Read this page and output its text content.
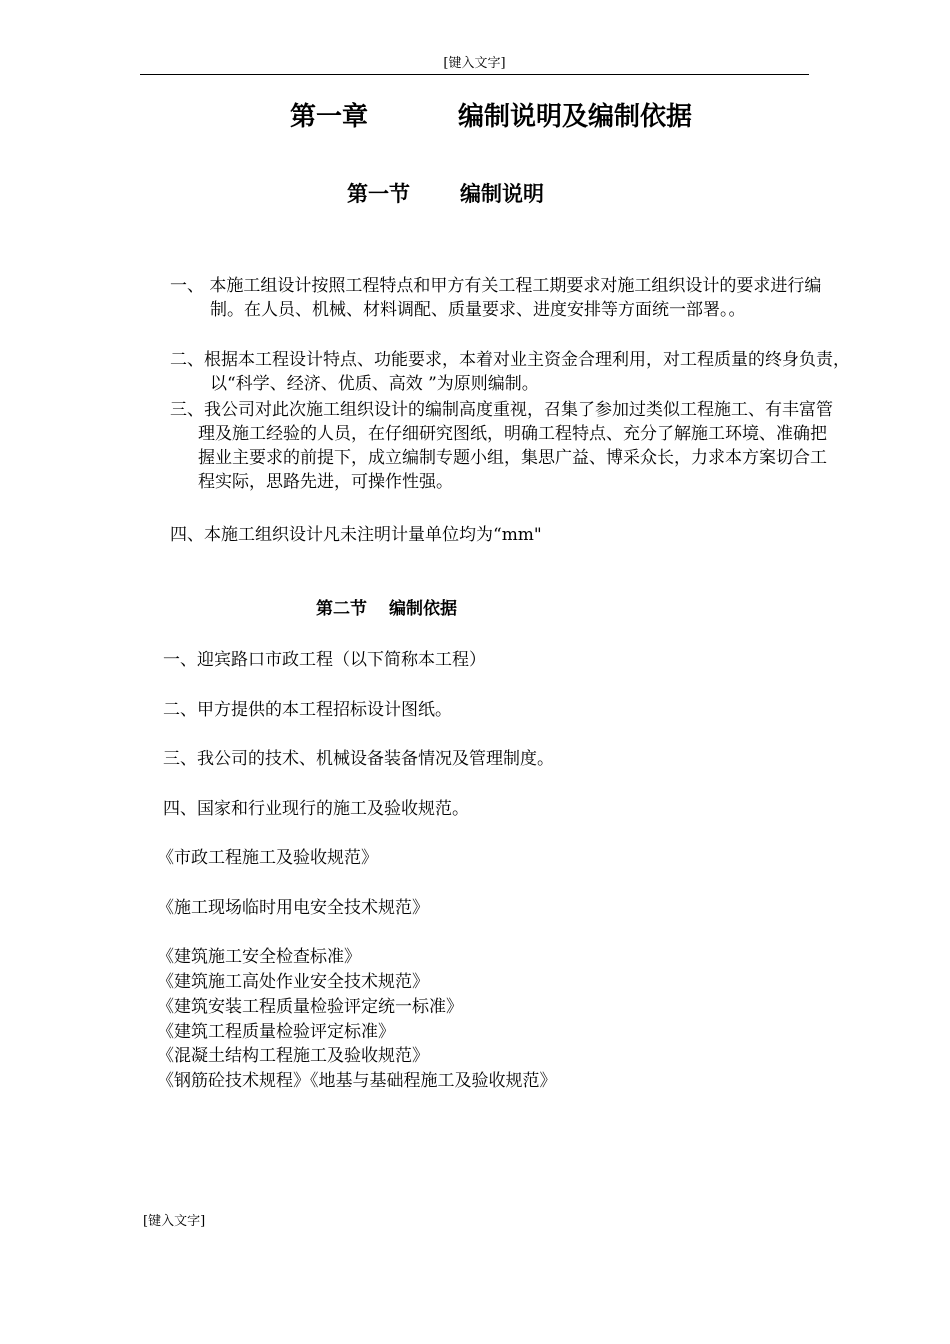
[键入文字]
第一章	编制说明及编制依据
第一节 编制说明
一、 本施工组设计按照工程特点和甲方有关工程工期要求对施工组织设计的要求进行编制。在人员、机械、材料调配、质量要求、进度安排等方面统一部署。。
二、根据本工程设计特点、功能要求，本着对业主资金合理利用，对工程质量的终身负责，以“科学、经济、优质、高效 ”为原则编制。
三、我公司对此次施工组织设计的编制高度重视，召集了参加过类似工程施工、有丰富管理及施工经验的人员，在仔细研究图纸，明确工程特点、充分了解施工环境、准确把握业主要求的前提下，成立编制专题小组，集思广益、博采众长，力求本方案切合工程实际，思路先进，可操作性强。
四、本施工组织设计凡未注明计量单位均为“mm"
第二节 编制依据
一、迎宾路口市政工程（以下简称本工程）
二、甲方提供的本工程招标设计图纸。
三、我公司的技术、机械设备装备情况及管理制度。
四、国家和行业现行的施工及验收规范。
《市政工程施工及验收规范》
《施工现场临时用电安全技术规范》
《建筑施工安全检查标准》
《建筑施工高处作业安全技术规范》
《建筑安装工程质量检验评定统一标准》
《建筑工程质量检验评定标准》
《混凝土结构工程施工及验收规范》
《钢筋砼技术规程》《地基与基础程施工及验收规范》
[键入文字]
